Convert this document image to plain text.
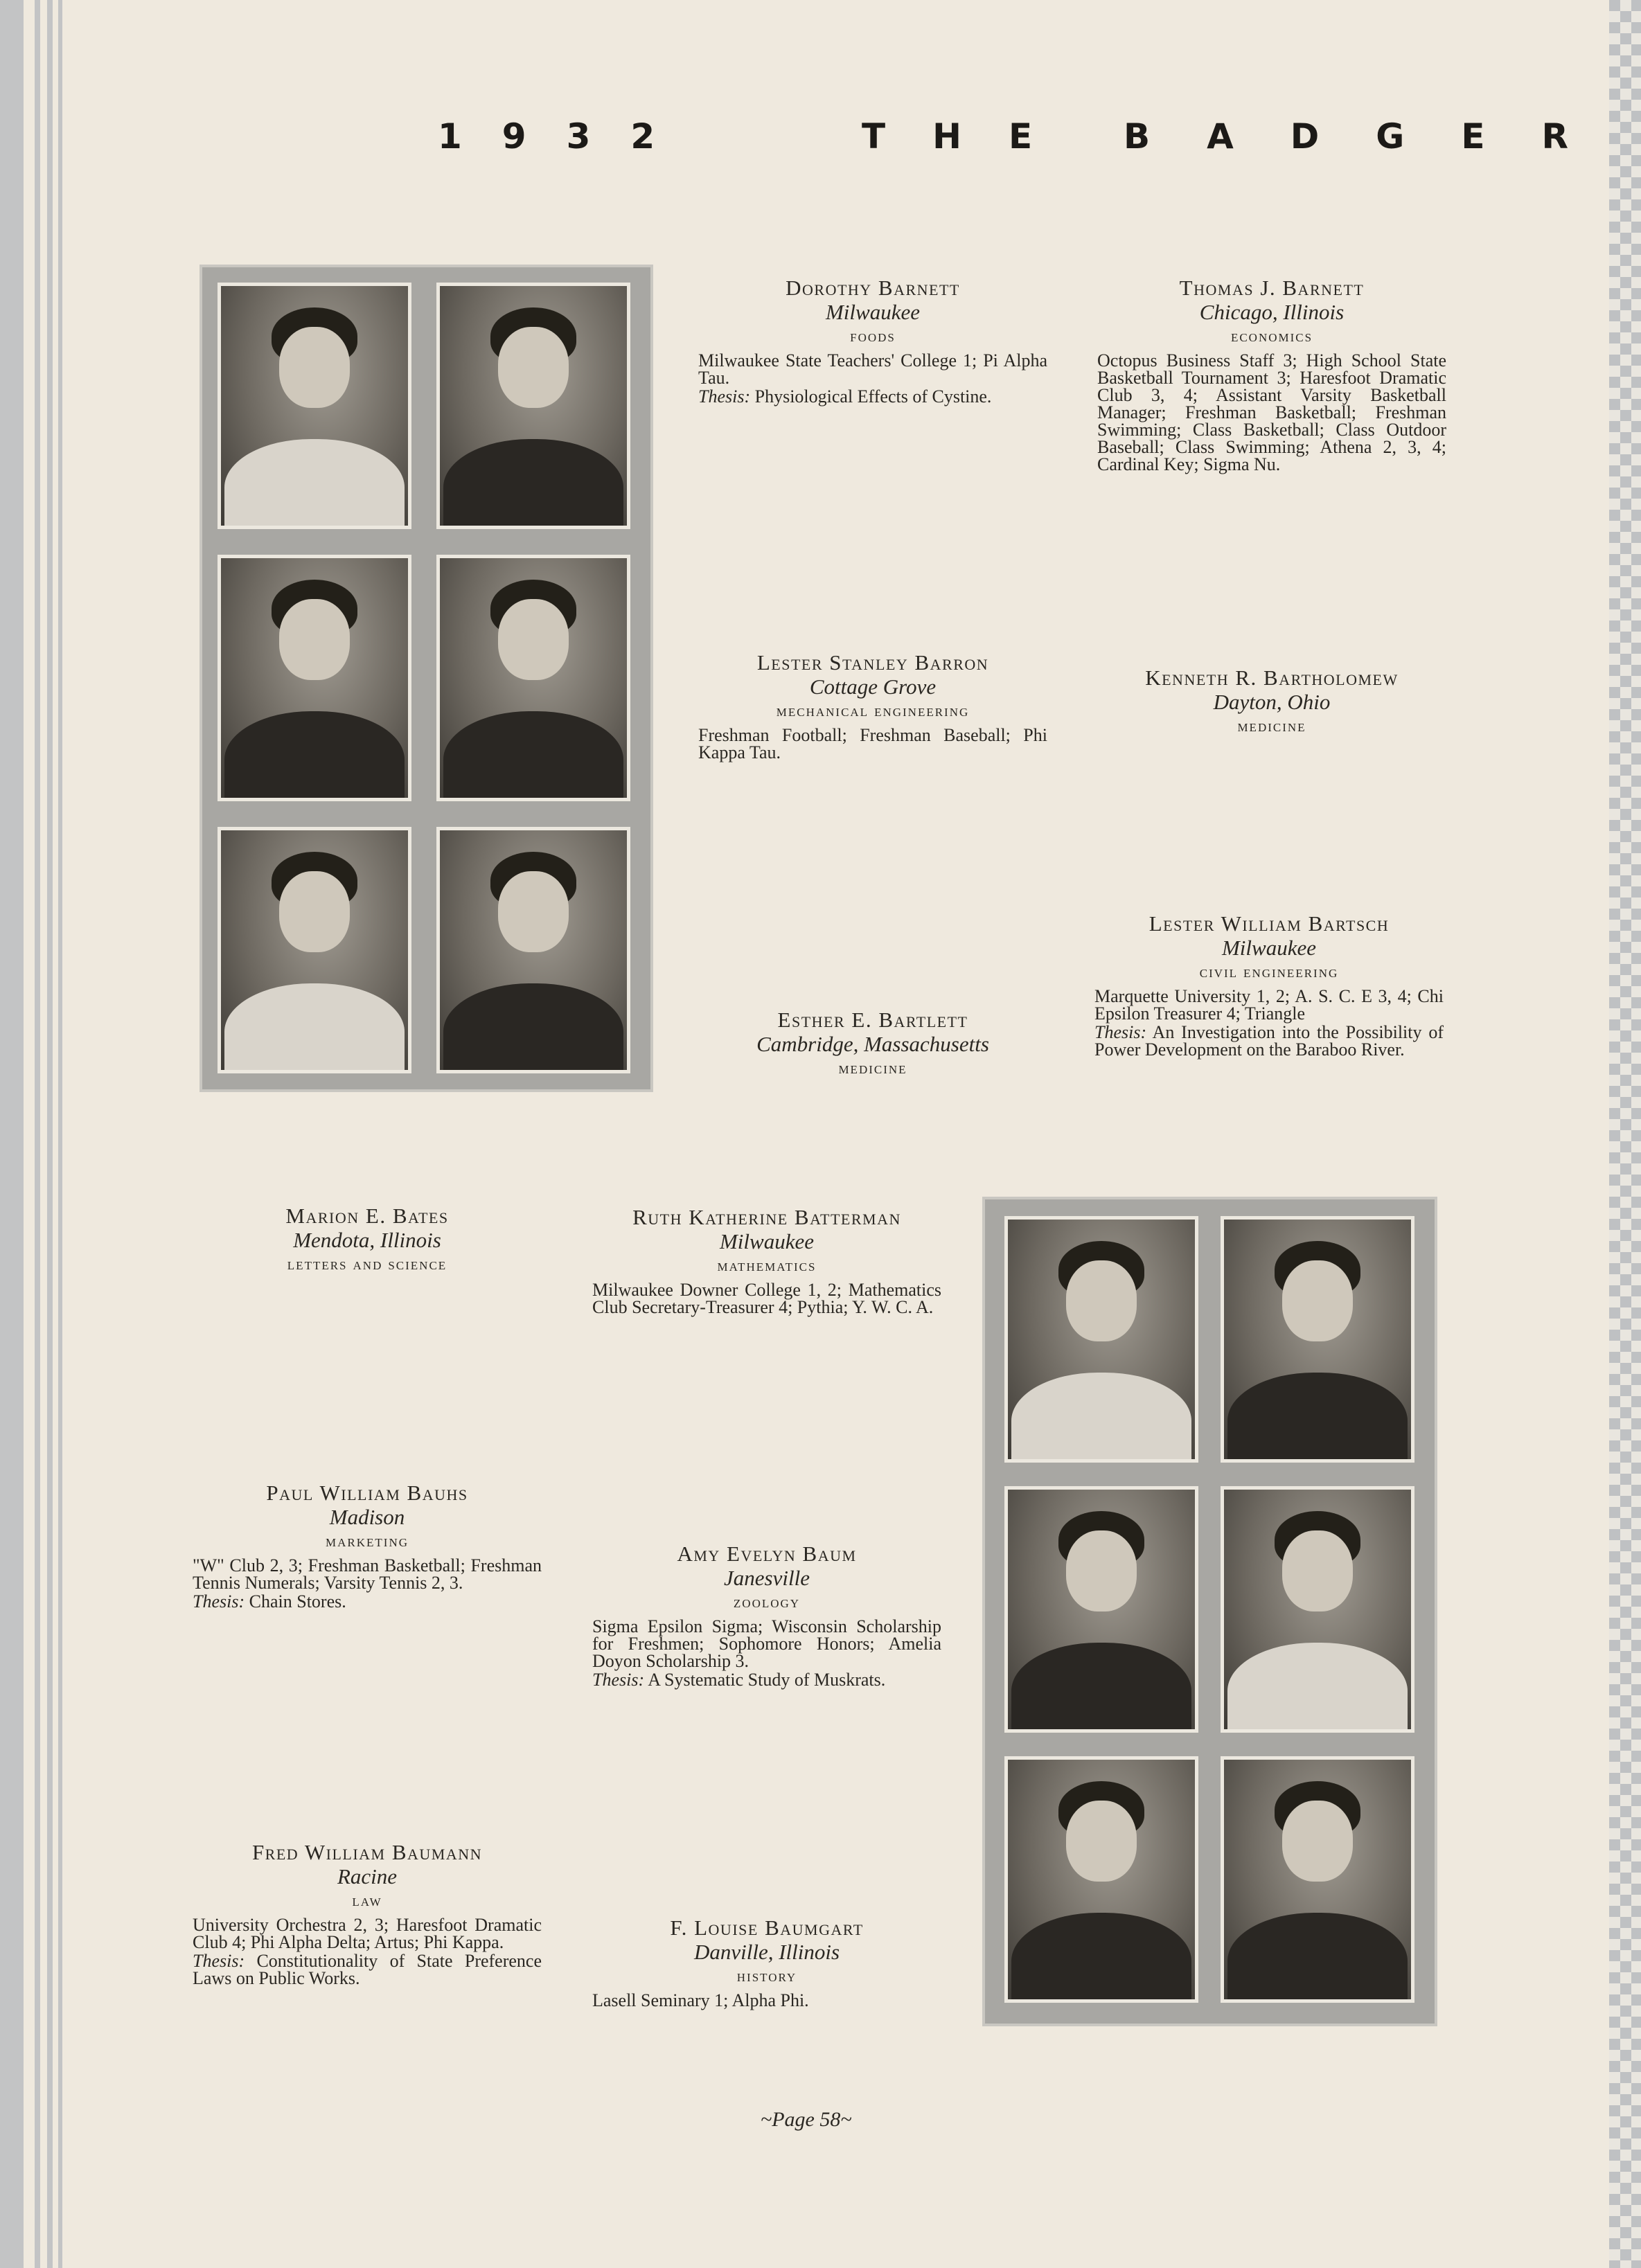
1932	THE BADGER
Dorothy Barnett
Milwaukee
foods
Milwaukee State Teachers' College 1; Pi Alpha Tau.
Thesis: Physiological Effects of Cystine.
Thomas J. Barnett
Chicago, Illinois
economics
Octopus Business Staff 3; High School State Basketball Tournament 3; Haresfoot Dramatic Club 3, 4; Assistant Varsity Basketball Manager; Freshman Basketball; Freshman Swimming; Class Basketball; Class Outdoor Baseball; Class Swimming; Athena 2, 3, 4; Cardinal Key; Sigma Nu.
Lester Stanley Barron
Cottage Grove
mechanical engineering
Freshman Football; Freshman Baseball; Phi Kappa Tau.
Kenneth R. Bartholomew
Dayton, Ohio
medicine
Esther E. Bartlett
Cambridge, Massachusetts
medicine
Lester William Bartsch
Milwaukee
civil engineering
Marquette University 1, 2; A. S. C. E 3, 4; Chi Epsilon Treasurer 4; Triangle
Thesis: An Investigation into the Possibility of Power Development on the Baraboo River.
Marion E. Bates
Mendota, Illinois
letters and science
Ruth Katherine Batterman
Milwaukee
mathematics
Milwaukee Downer College 1, 2; Mathematics Club Secretary-Treasurer 4; Pythia; Y. W. C. A.
Paul William Bauhs
Madison
marketing
"W" Club 2, 3; Freshman Basketball; Freshman Tennis Numerals; Varsity Tennis 2, 3.
Thesis: Chain Stores.
Amy Evelyn Baum
Janesville
zoology
Sigma Epsilon Sigma; Wisconsin Scholarship for Freshmen; Sophomore Honors; Amelia Doyon Scholarship 3.
Thesis: A Systematic Study of Muskrats.
Fred William Baumann
Racine
law
University Orchestra 2, 3; Haresfoot Dramatic Club 4; Phi Alpha Delta; Artus; Phi Kappa.
Thesis: Constitutionality of State Preference Laws on Public Works.
F. Louise Baumgart
Danville, Illinois
history
Lasell Seminary 1; Alpha Phi.
~Page 58~
